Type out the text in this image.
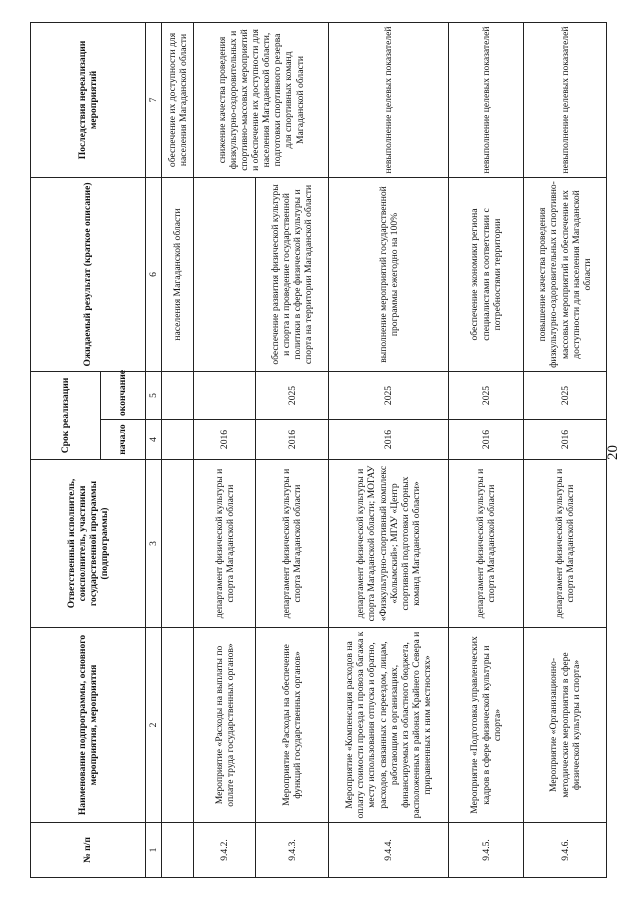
20
№ п/п	Наименование подпрограммы, основного мероприятия, мероприятия	Ответственный исполнитель, соисполнитель, участники государственной программы (подпрограммы)	Срок реализации		Ожидаемый результат (краткое описание)	Последствия нереализации мероприятий
			начало	окончание		
1	2	3	4	5	6	7
					населения Магаданской области	обеспечение их доступности для населения Магаданской области
9.4.2.	Мероприятие «Расходы на выплаты по оплате труда государственных органов»	департамент физической культуры и спорта Магаданской области	2016			снижение качества проведения физкультурно-оздоровительных и спортивно-массовых мероприятий и обеспечение их доступности для населения Магаданской области, подготовки спортивного резерва для спортивных команд Магаданской области
9.4.3.	Мероприятие «Расходы на обеспечение функций государственных органов»	департамент физической культуры и спорта Магаданской области	2016	2025	обеспечение развития физической культуры и спорта и проведение государственной политики в сфере физической культуры и спорта на территории Магаданской области	
9.4.4.	Мероприятие «Компенсация расходов на оплату стоимости проезда и провоза багажа к месту использования отпуска и обратно, расходов, связанных с переездом, лицам, работающим в организациях, финансируемых из областного бюджета, расположенных в районах Крайнего Севера и приравненных к ним местностях»	департамент физической культуры и спорта Магаданской области; МОГАУ «Физкультурно-спортивный комплекс «Колымский»; МГАУ «Центр спортивной подготовки сборных команд Магаданской области»	2016	2025	выполнение мероприятий государственной программы ежегодно на 100%	невыполнение целевых показателей
9.4.5.	Мероприятие «Подготовка управленческих кадров в сфере физической культуры и спорта»	департамент физической культуры и спорта Магаданской области	2016	2025	обеспечение экономики региона специалистами в соответствии с потребностями территории	невыполнение целевых показателей
9.4.6.	Мероприятие «Организационно-методические мероприятия в сфере физической культуры и спорта»	департамент физической культуры и спорта Магаданской области	2016	2025	повышение качества проведения физкультурно-оздоровительных и спортивно-массовых мероприятий и обеспечение их доступности для населения Магаданской области	невыполнение целевых показателей
